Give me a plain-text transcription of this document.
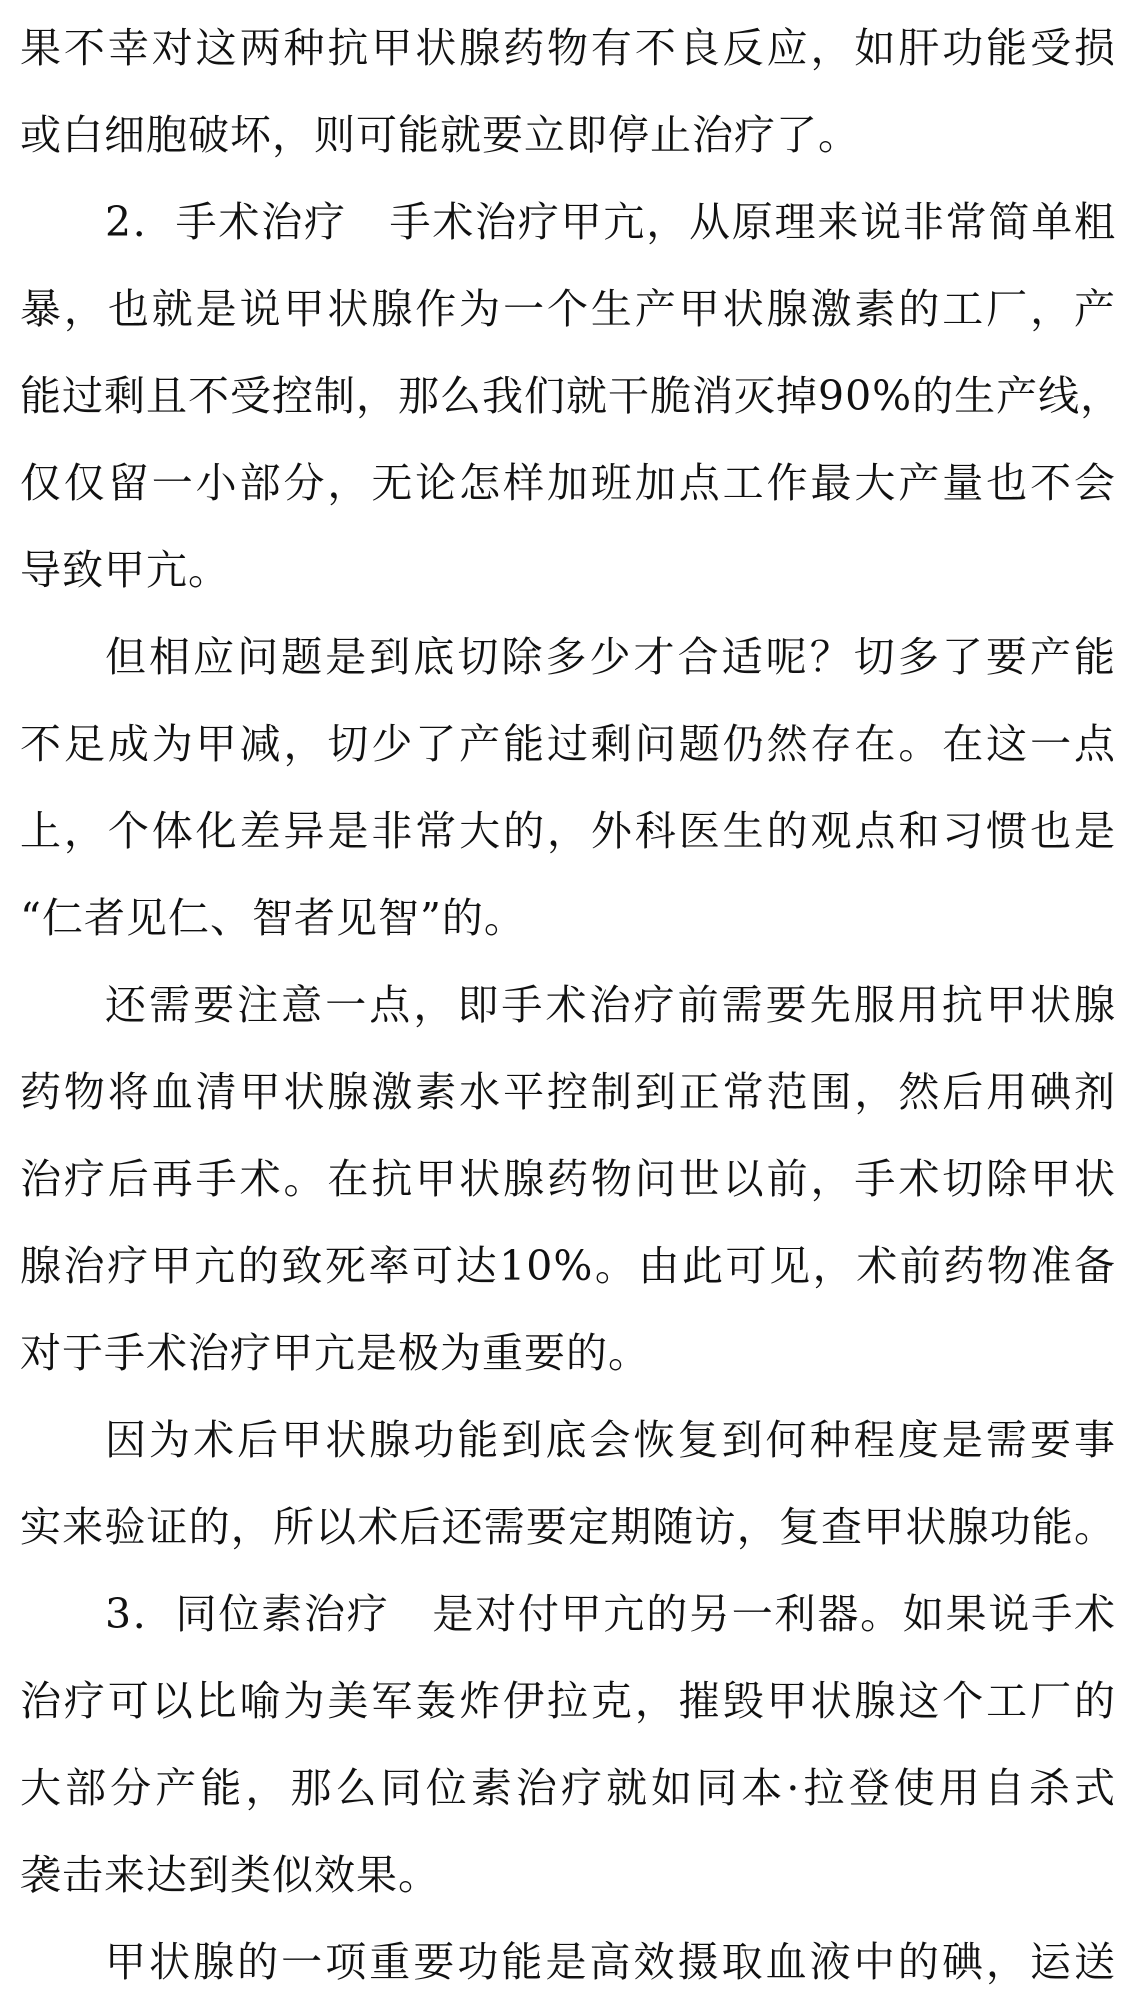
果不幸对这两种抗甲状腺药物有不良反应，如肝功能受损

或白细胞破坏，则可能就要立即停止治疗了。

2．手术治疗　手术治疗甲亢，从原理来说非常简单粗

暴，也就是说甲状腺作为一个生产甲状腺激素的工厂，产

能过剩且不受控制，那么我们就干脆消灭掉90%的生产线，

仅仅留一小部分，无论怎样加班加点工作最大产量也不会

导致甲亢。

但相应问题是到底切除多少才合适呢？切多了要产能

不足成为甲减，切少了产能过剩问题仍然存在。在这一点

上，个体化差异是非常大的，外科医生的观点和习惯也是

“仁者见仁、智者见智”的。

还需要注意一点，即手术治疗前需要先服用抗甲状腺

药物将血清甲状腺激素水平控制到正常范围，然后用碘剂

治疗后再手术。在抗甲状腺药物问世以前，手术切除甲状

腺治疗甲亢的致死率可达10%。由此可见，术前药物准备

对于手术治疗甲亢是极为重要的。

因为术后甲状腺功能到底会恢复到何种程度是需要事

实来验证的，所以术后还需要定期随访，复查甲状腺功能。

3．同位素治疗　是对付甲亢的另一利器。如果说手术

治疗可以比喻为美军轰炸伊拉克，摧毁甲状腺这个工厂的

大部分产能，那么同位素治疗就如同本·拉登使用自杀式

袭击来达到类似效果。

甲状腺的一项重要功能是高效摄取血液中的碘，运送
